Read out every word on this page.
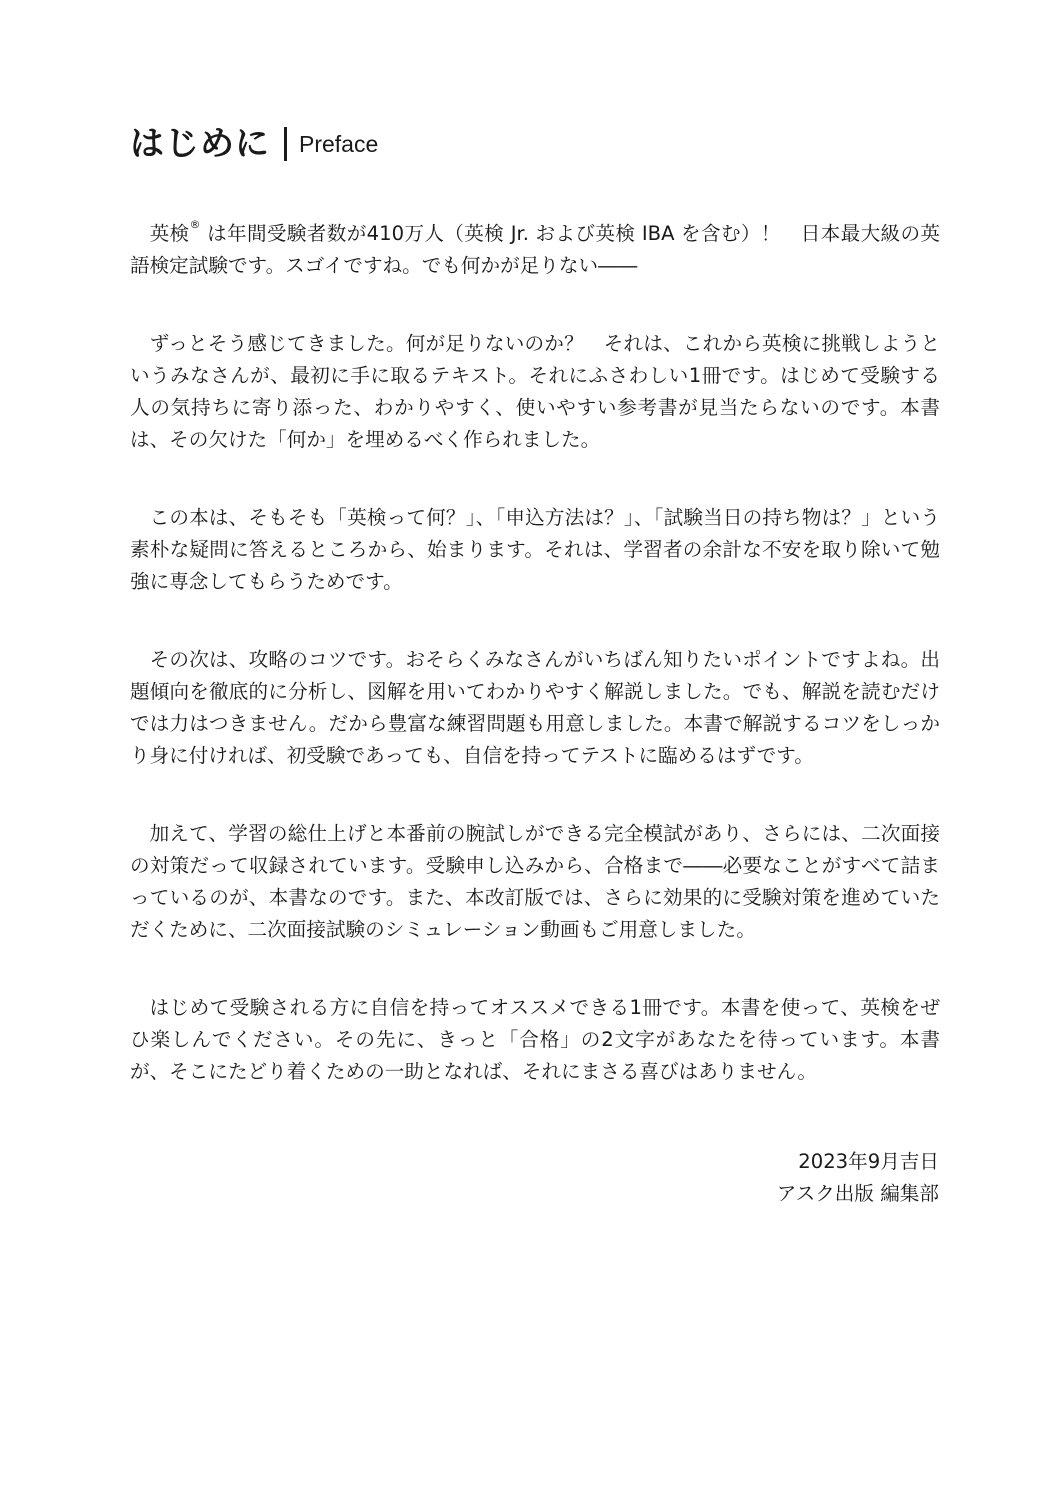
はじめに Preface

英検® は年間受験者数が410万人（英検 Jr. および英検 IBA を含む）！　日本最大級の英語検定試験です。スゴイですね。でも何かが足りない――

ずっとそう感じてきました。何が足りないのか？　それは、これから英検に挑戦しようというみなさんが、最初に手に取るテキスト。それにふさわしい1冊です。はじめて受験する人の気持ちに寄り添った、わかりやすく、使いやすい参考書が見当たらないのです。本書は、その欠けた「何か」を埋めるべく作られました。

この本は、そもそも「英検って何？」、「申込方法は？」、「試験当日の持ち物は？」という素朴な疑問に答えるところから、始まります。それは、学習者の余計な不安を取り除いて勉強に専念してもらうためです。

その次は、攻略のコツです。おそらくみなさんがいちばん知りたいポイントですよね。出題傾向を徹底的に分析し、図解を用いてわかりやすく解説しました。でも、解説を読むだけでは力はつきません。だから豊富な練習問題も用意しました。本書で解説するコツをしっかり身に付ければ、初受験であっても、自信を持ってテストに臨めるはずです。

加えて、学習の総仕上げと本番前の腕試しができる完全模試があり、さらには、二次面接の対策だって収録されています。受験申し込みから、合格まで――必要なことがすべて詰まっているのが、本書なのです。また、本改訂版では、さらに効果的に受験対策を進めていただくために、二次面接試験のシミュレーション動画もご用意しました。

はじめて受験される方に自信を持ってオススメできる1冊です。本書を使って、英検をぜひ楽しんでください。その先に、きっと「合格」の2文字があなたを待っています。本書が、そこにたどり着くための一助となれば、それにまさる喜びはありません。

2023年9月吉日
アスク出版 編集部
